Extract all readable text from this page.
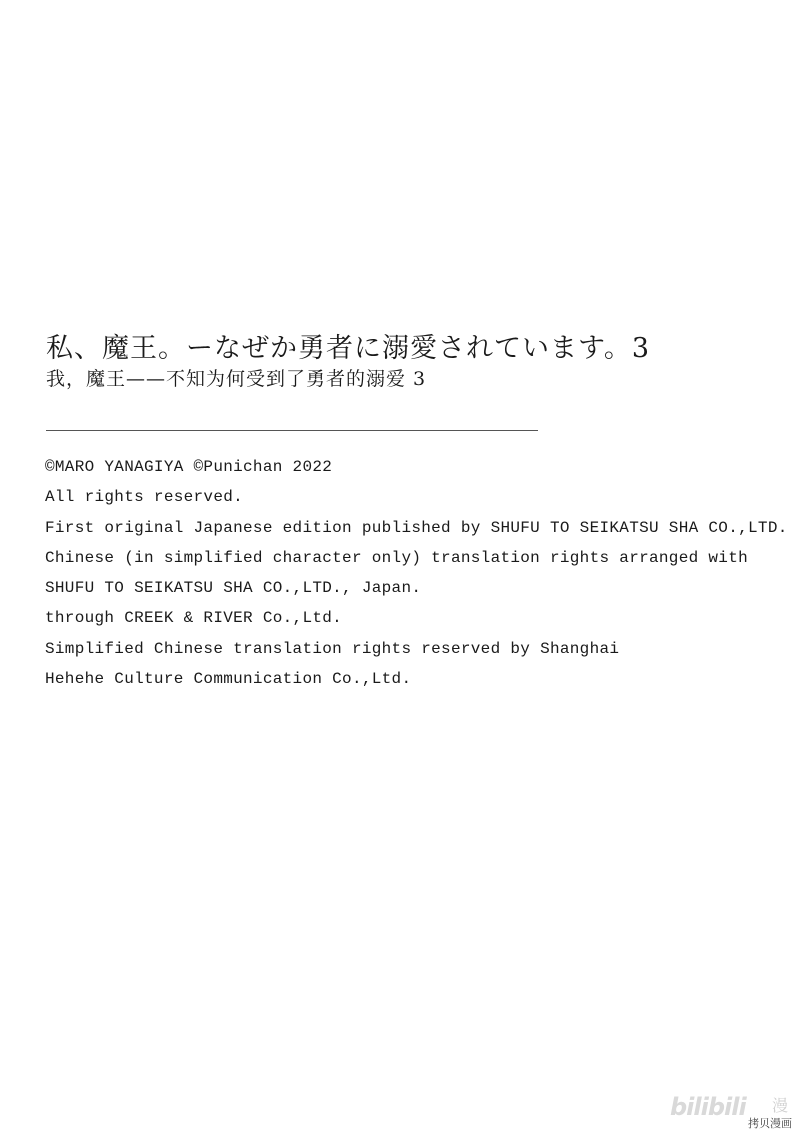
私、魔王。ーなぜか勇者に溺愛されています。3
我，魔王——不知为何受到了勇者的溺爱 3
©MARO YANAGIYA ©Punichan 2022
All rights reserved.
First original Japanese edition published by SHUFU TO SEIKATSU SHA CO.,LTD.
Chinese (in simplified character only) translation rights arranged with
SHUFU TO SEIKATSU SHA CO.,LTD., Japan.
through CREEK & RIVER Co.,Ltd.
Simplified Chinese translation rights reserved by Shanghai
Hehehe Culture Communication Co.,Ltd.
bilibili 漫
拷贝漫画
